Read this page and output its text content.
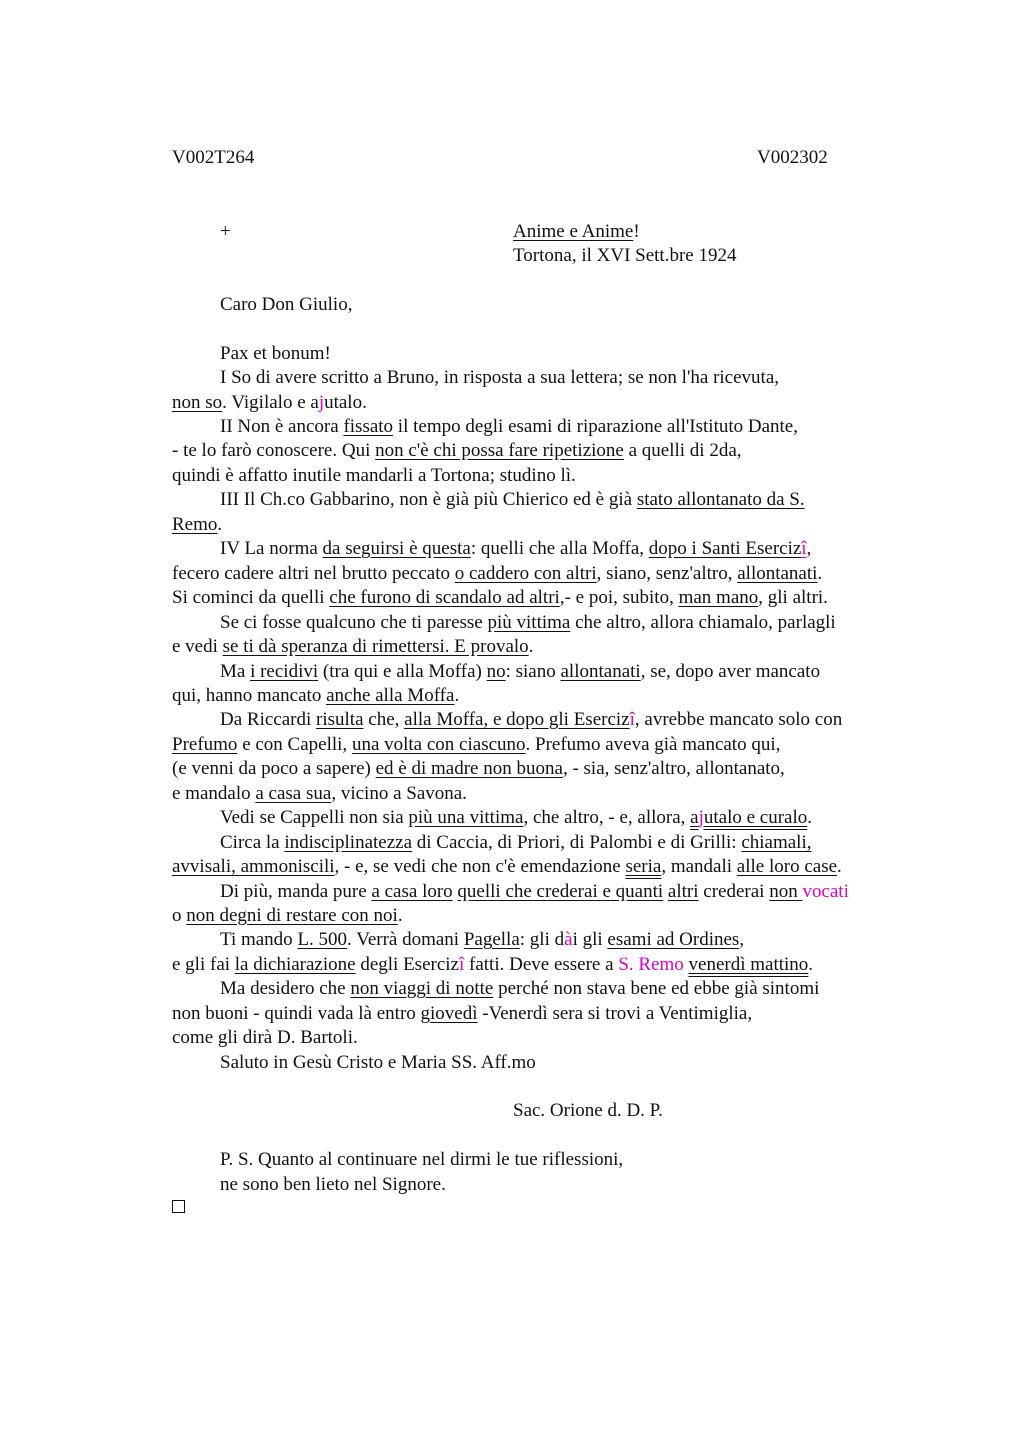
V002T264	V002302
+	Anime e Anime!
Tortona, il XVI Sett.bre 1924
Caro Don Giulio,
Pax et bonum!
I So di avere scritto a Bruno, in risposta a sua lettera; se non l'ha ricevuta,
non so. Vigilalo e ajutalo.
II Non è ancora fissato il tempo degli esami di riparazione all'Istituto Dante,
- te lo farò conoscere. Qui non c'è chi possa fare ripetizione a quelli di 2da,
quindi è affatto inutile mandarli a Tortona; studino lì.
III Il Ch.co Gabbarino, non è già più Chierico ed è già stato allontanato da S.
Remo.
IV La norma da seguirsi è questa: quelli che alla Moffa, dopo i Santi Esercizî,
fecero cadere altri nel brutto peccato o caddero con altri, siano, senz'altro, allontanati.
Si cominci da quelli che furono di scandalo ad altri,- e poi, subito, man mano, gli altri.
Se ci fosse qualcuno che ti paresse più vittima che altro, allora chiamalo, parlagli
e vedi se ti dà speranza di rimettersi. E provalo.
Ma i recidivi (tra qui e alla Moffa) no: siano allontanati, se, dopo aver mancato
qui, hanno mancato anche alla Moffa.
Da Riccardi risulta che, alla Moffa, e dopo gli Esercizî, avrebbe mancato solo con
Prefumo e con Capelli, una volta con ciascuno. Prefumo aveva già mancato qui,
(e venni da poco a sapere) ed è di madre non buona, - sia, senz'altro, allontanato,
e mandalo a casa sua, vicino a Savona.
Vedi se Cappelli non sia più una vittima, che altro, - e, allora, ajutalo e curalo.
Circa la indisciplinatezza di Caccia, di Priori, di Palombi e di Grilli: chiamali,
avvisali, ammoniscili, - e, se vedi che non c'è emendazione seria, mandali alle loro case.
Di più, manda pure a casa loro quelli che crederai e quanti altri crederai non vocati
o non degni di restare con noi.
Ti mando L. 500. Verrà domani Pagella: gli dài gli esami ad Ordines,
e gli fai la dichiarazione degli Esercizî fatti. Deve essere a S. Remo venerdì mattino.
Ma desidero che non viaggi di notte perché non stava bene ed ebbe già sintomi
non buoni - quindi vada là entro giovedì -Venerdì sera si trovi a Ventimiglia,
come gli dirà D. Bartoli.
Saluto in Gesù Cristo e Maria SS. Aff.mo
Sac. Orione d. D. P.
P. S. Quanto al continuare nel dirmi le tue riflessioni,
ne sono ben lieto nel Signore.
